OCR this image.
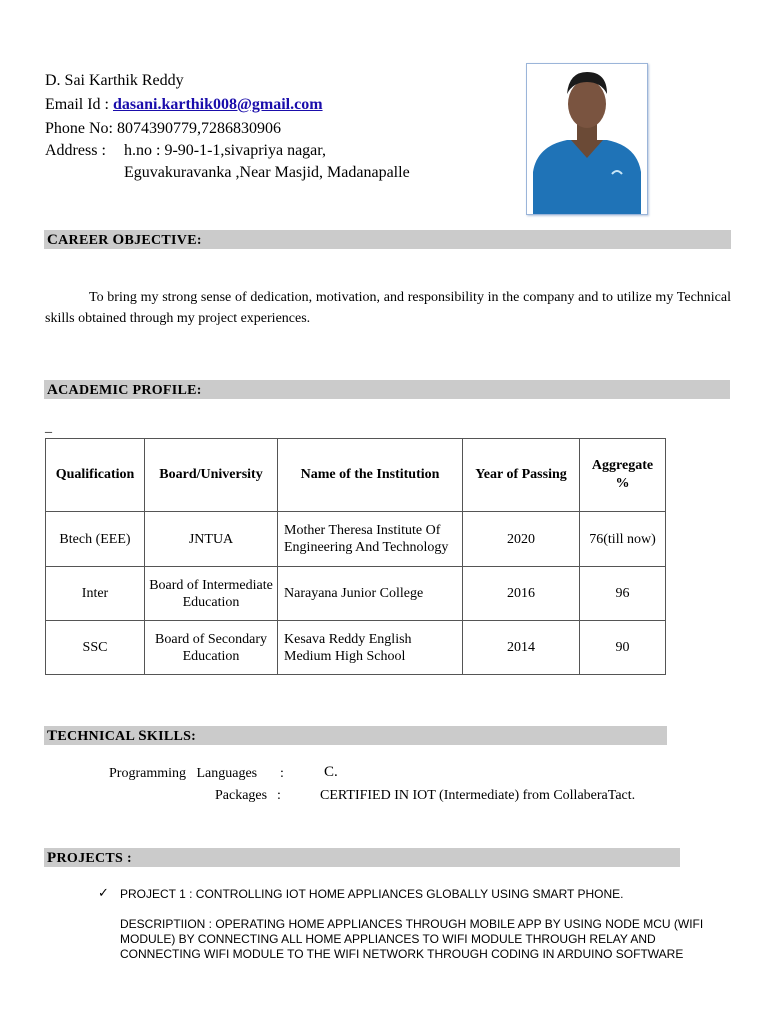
D. Sai Karthik Reddy
Email Id : dasani.karthik008@gmail.com
Phone No: 8074390779,7286830906
Address : h.no : 9-90-1-1,sivapriya nagar,
Eguvakuravanka ,Near Masjid, Madanapalle
CAREER OBJECTIVE:
To bring my strong sense of dedication, motivation, and responsibility in the company and to utilize my Technical skills obtained through my project experiences.
ACADEMIC PROFILE:
_
Qualification	Board/University	Name of the Institution	Year of Passing	Aggregate %
Btech (EEE)	JNTUA	Mother Theresa Institute Of Engineering And Technology	2020	76(till now)
Inter	Board of Intermediate Education	Narayana Junior College	2016	96
SSC	Board of Secondary Education	Kesava Reddy English Medium High School	2014	90
TECHNICAL SKILLS:
Programming   Languages :	C.
Packages :	CERTIFIED IN IOT (Intermediate) from CollaberaTact.
PROJECTS :
✓ PROJECT 1 : CONTROLLING IOT HOME APPLIANCES GLOBALLY USING SMART PHONE.
DESCRIPTIION : OPERATING HOME APPLIANCES THROUGH MOBILE APP BY USING NODE MCU (WIFI MODULE) BY CONNECTING ALL HOME APPLIANCES TO WIFI MODULE THROUGH RELAY AND CONNECTING WIFI MODULE TO THE WIFI NETWORK THROUGH CODING IN ARDUINO SOFTWARE
